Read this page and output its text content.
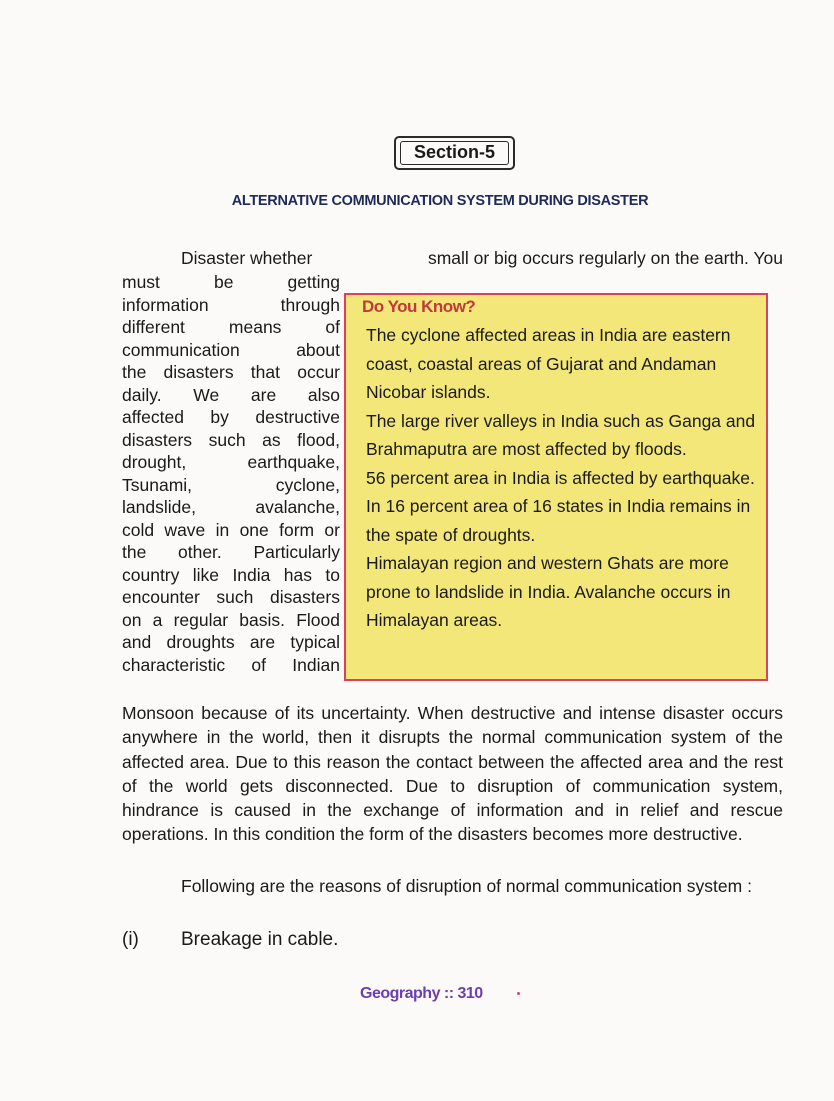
Section-5
ALTERNATIVE COMMUNICATION SYSTEM DURING DISASTER
Disaster whether	small or big occurs regularly on the earth. You
must be getting
information through
different means of
communication about
the disasters that occur
daily. We are also
affected by destructive
disasters such as flood,
drought, earthquake,
Tsunami, cyclone,
landslide, avalanche,
cold wave in one form or
the other. Particularly
country like India has to
encounter such disasters
on a regular basis. Flood
and droughts are typical
characteristic of Indian
Do You Know?

The cyclone affected areas in India are eastern coast, coastal areas of Gujarat and Andaman Nicobar islands.

The large river valleys in India such as Ganga and Brahmaputra are most affected by floods.

56 percent area in India is affected by earthquake.

In 16 percent area of 16 states in India remains in the spate of droughts.

Himalayan region and western Ghats are more prone to landslide in India. Avalanche occurs in Himalayan areas.

Monsoon because of its uncertainty. When destructive and intense disaster occurs anywhere in the world, then it disrupts the normal communication system of the affected area. Due to this reason the contact between the affected area and the rest of the world gets disconnected. Due to disruption of communication system, hindrance is caused in the exchange of information and in relief and rescue operations. In this condition the form of the disasters becomes more destructive.
Following are the reasons of disruption of normal communication system :
(i) Breakage in cable.
Geography :: 310
